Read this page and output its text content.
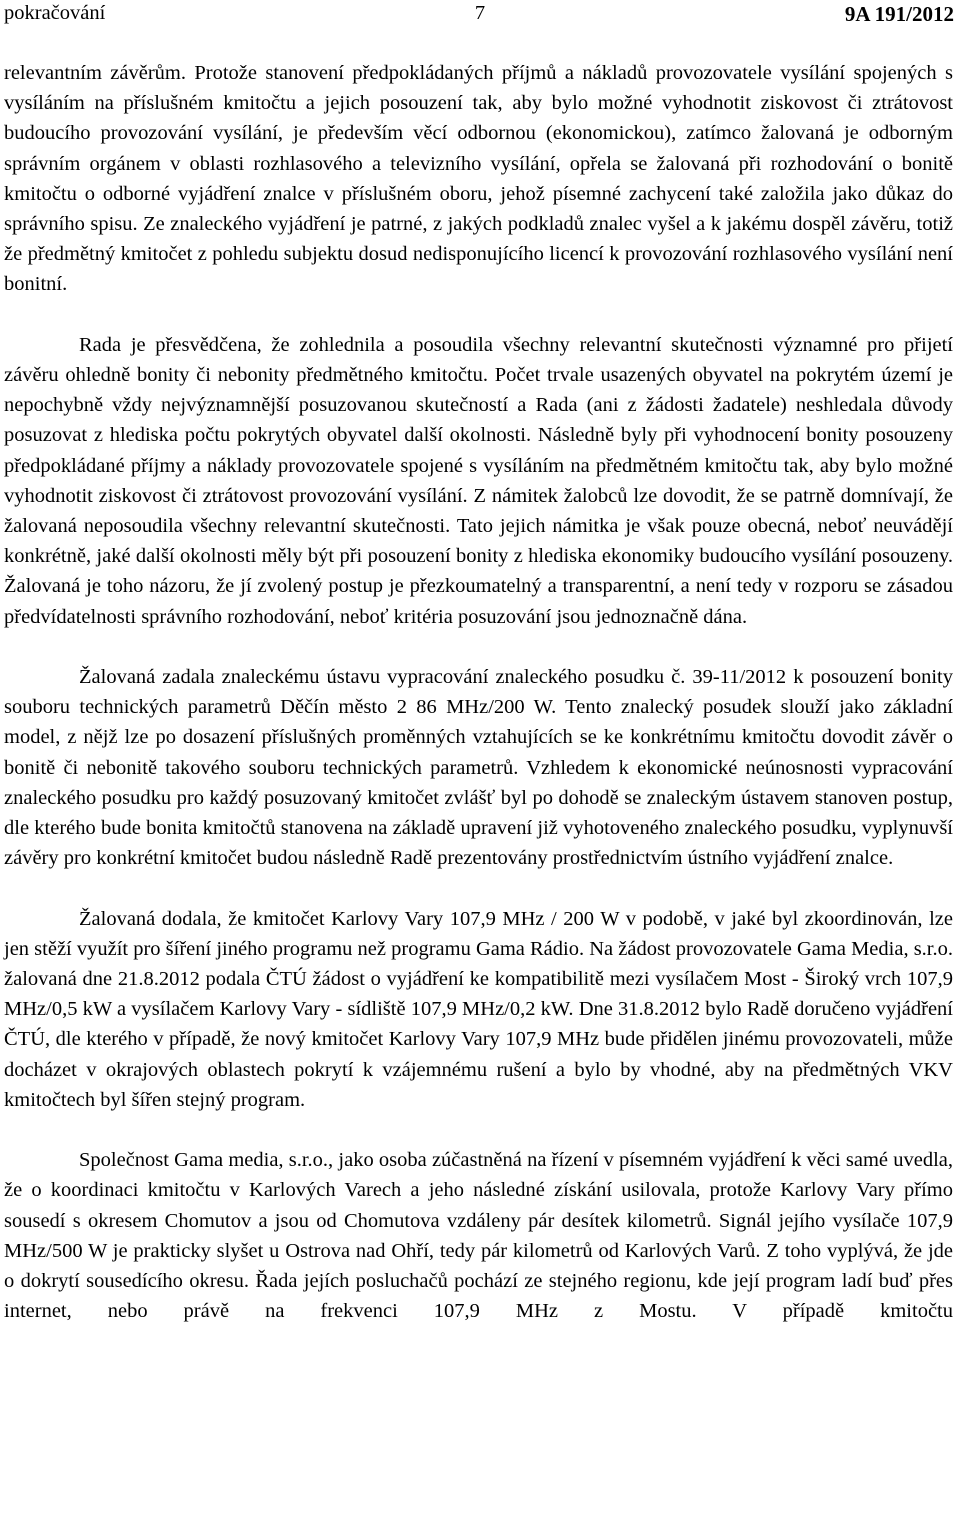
pokračování	7	9A 191/2012

relevantním závěrům. Protože stanovení předpokládaných příjmů a nákladů provozovatele vysílání spojených s vysíláním na příslušném kmitočtu a jejich posouzení tak, aby bylo možné vyhodnotit ziskovost či ztrátovost budoucího provozování vysílání, je především věcí odbornou (ekonomickou), zatímco žalovaná je odborným správním orgánem v oblasti rozhlasového a televizního vysílání, opřela se žalovaná při rozhodování o bonitě kmitočtu o odborné vyjádření znalce v příslušném oboru, jehož písemné zachycení také založila jako důkaz do správního spisu. Ze znaleckého vyjádření je patrné, z jakých podkladů znalec vyšel a k jakému dospěl závěru, totiž že předmětný kmitočet z pohledu subjektu dosud nedisponujícího licencí k provozování rozhlasového vysílání není bonitní.

Rada je přesvědčena, že zohlednila a posoudila všechny relevantní skutečnosti významné pro přijetí závěru ohledně bonity či nebonity předmětného kmitočtu. Počet trvale usazených obyvatel na pokrytém území je nepochybně vždy nejvýznamnější posuzovanou skutečností a Rada (ani z žádosti žadatele) neshledala důvody posuzovat z hlediska počtu pokrytých obyvatel další okolnosti. Následně byly při vyhodnocení bonity posouzeny předpokládané příjmy a náklady provozovatele spojené s vysíláním na předmětném kmitočtu tak, aby bylo možné vyhodnotit ziskovost či ztrátovost provozování vysílání. Z námitek žalobců lze dovodit, že se patrně domnívají, že žalovaná neposoudila všechny relevantní skutečnosti. Tato jejich námitka je však pouze obecná, neboť neuvádějí konkrétně, jaké další okolnosti měly být při posouzení bonity z hlediska ekonomiky budoucího vysílání posouzeny. Žalovaná je toho názoru, že jí zvolený postup je přezkoumatelný a transparentní, a není tedy v rozporu se zásadou předvídatelnosti správního rozhodování, neboť kritéria posuzování jsou jednoznačně dána.

Žalovaná zadala znaleckému ústavu vypracování znaleckého posudku č. 39-11/2012 k posouzení bonity souboru technických parametrů Děčín město 2 86 MHz/200 W. Tento znalecký posudek slouží jako základní model, z nějž lze po dosazení příslušných proměnných vztahujících se ke konkrétnímu kmitočtu dovodit závěr o bonitě či nebonitě takového souboru technických parametrů. Vzhledem k ekonomické neúnosnosti vypracování znaleckého posudku pro každý posuzovaný kmitočet zvlášť byl po dohodě se znaleckým ústavem stanoven postup, dle kterého bude bonita kmitočtů stanovena na základě upravení již vyhotoveného znaleckého posudku, vyplynuvší závěry pro konkrétní kmitočet budou následně Radě prezentovány prostřednictvím ústního vyjádření znalce.

Žalovaná dodala, že kmitočet Karlovy Vary 107,9 MHz / 200 W v podobě, v jaké byl zkoordinován, lze jen stěží využít pro šíření jiného programu než programu Gama Rádio. Na žádost provozovatele Gama Media, s.r.o. žalovaná dne 21.8.2012 podala ČTÚ žádost o vyjádření ke kompatibilitě mezi vysílačem Most - Široký vrch 107,9 MHz/0,5 kW a vysílačem Karlovy Vary - sídliště 107,9 MHz/0,2 kW. Dne 31.8.2012 bylo Radě doručeno vyjádření ČTÚ, dle kterého v případě, že nový kmitočet Karlovy Vary 107,9 MHz bude přidělen jinému provozovateli, může docházet v okrajových oblastech pokrytí k vzájemnému rušení a bylo by vhodné, aby na předmětných VKV kmitočtech byl šířen stejný program.

Společnost Gama media, s.r.o., jako osoba zúčastněná na řízení v písemném vyjádření k věci samé uvedla, že o koordinaci kmitočtu v Karlových Varech a jeho následné získání usilovala, protože Karlovy Vary přímo sousedí s okresem Chomutov a jsou od Chomutova vzdáleny pár desítek kilometrů. Signál jejího vysílače 107,9 MHz/500 W je prakticky slyšet u Ostrova nad Ohří, tedy pár kilometrů od Karlových Varů. Z toho vyplývá, že jde o dokrytí sousedícího okresu. Řada jejích posluchačů pochází ze stejného regionu, kde její program ladí buď přes internet, nebo právě na frekvenci 107,9 MHz z Mostu. V případě kmitočtu
